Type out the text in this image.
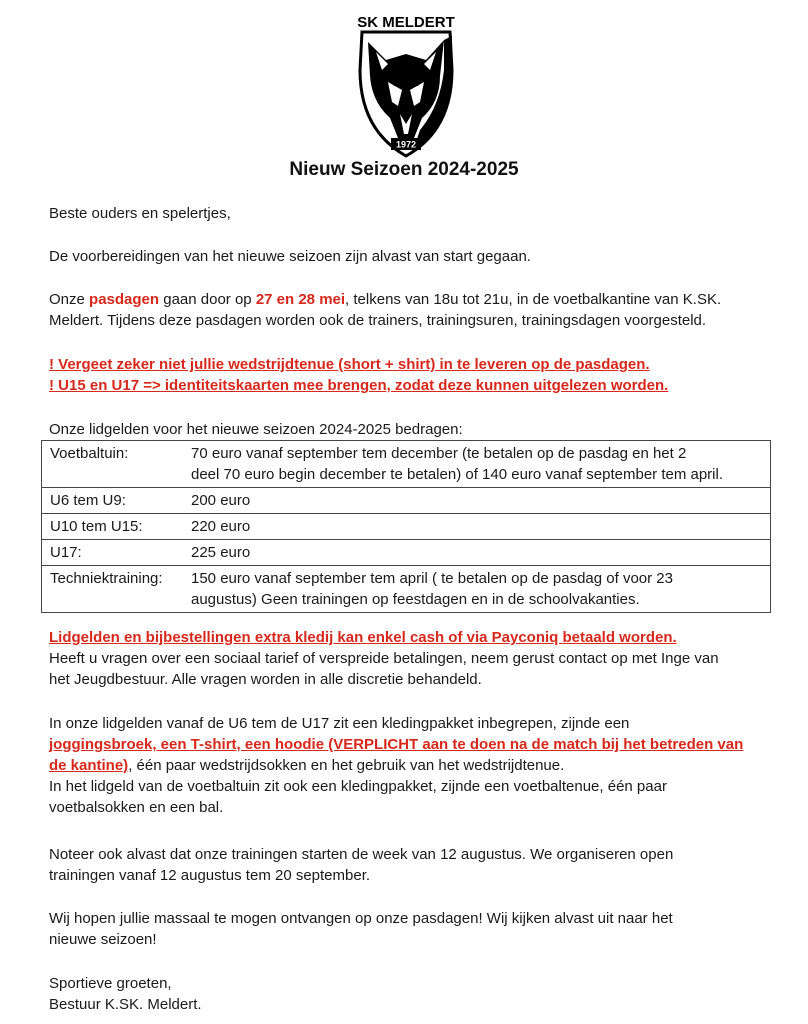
1972
SK MELDERT
Nieuw Seizoen 2024-2025

Beste ouders en spelertjes,

De voorbereidingen van het nieuwe seizoen zijn alvast van start gegaan.

Onze pasdagen gaan door op 27 en 28 mei, telkens van 18u tot 21u, in de voetbalkantine van K.SK.
Meldert. Tijdens deze pasdagen worden ook de trainers, trainingsuren, trainingsdagen voorgesteld.

! Vergeet zeker niet jullie wedstrijdtenue (short + shirt) in te leveren op de pasdagen.
! U15 en U17 => identiteitskaarten mee brengen, zodat deze kunnen uitgelezen worden.

Onze lidgelden voor het nieuwe seizoen 2024-2025 bedragen:

Voetbaltuin:	70 euro vanaf september tem december (te betalen op de pasdag en het 2
deel 70 euro begin december te betalen) of 140 euro vanaf september tem april.
U6 tem U9:	200 euro
U10 tem U15:	220 euro
U17:	225 euro
Techniektraining:	150 euro vanaf september tem april ( te betalen op de pasdag of voor 23
augustus) Geen trainingen op feestdagen en in de schoolvakanties.

Lidgelden en bijbestellingen extra kledij kan enkel cash of via Payconiq betaald worden.
Heeft u vragen over een sociaal tarief of verspreide betalingen, neem gerust contact op met Inge van
het Jeugdbestuur. Alle vragen worden in alle discretie behandeld.

In onze lidgelden vanaf de U6 tem de U17 zit een kledingpakket inbegrepen, zijnde een
joggingsbroek, een T-shirt, een hoodie (VERPLICHT aan te doen na de match bij het betreden van
de kantine), één paar wedstrijdsokken en het gebruik van het wedstrijdtenue.
In het lidgeld van de voetbaltuin zit ook een kledingpakket, zijnde een voetbaltenue, één paar
voetbalsokken en een bal.

Noteer ook alvast dat onze trainingen starten de week van 12 augustus. We organiseren open
trainingen vanaf 12 augustus tem 20 september.

Wij hopen jullie massaal te mogen ontvangen op onze pasdagen! Wij kijken alvast uit naar het
nieuwe seizoen!

Sportieve groeten,
Bestuur K.SK. Meldert.
